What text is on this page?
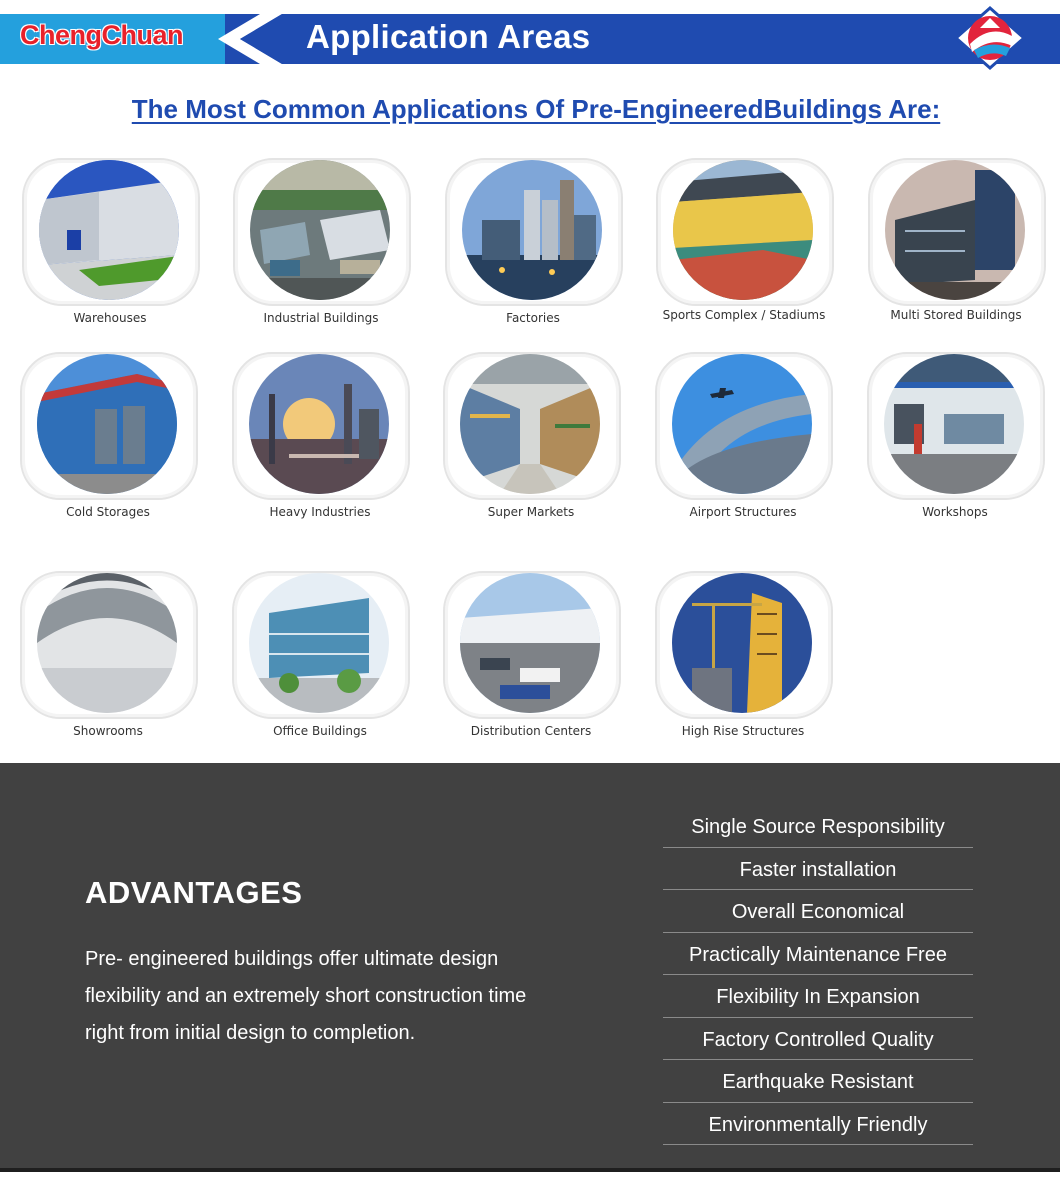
ChengChuan	Application Areas
The Most Common Applications Of Pre-EngineeredBuildings Are:
Warehouses	Industrial Buildings	Factories	Sports Complex / Stadiums	Multi Stored Buildings
Cold Storages	Heavy Industries	Super Markets	Airport Structures	Workshops
Showrooms	Office Buildings	Distribution Centers	High Rise Structures
ADVANTAGES
Pre- engineered buildings offer ultimate design flexibility and an extremely short construction time right from initial design to completion.
Single Source Responsibility
Faster installation
Overall Economical
Practically Maintenance Free
Flexibility In Expansion
Factory Controlled Quality
Earthquake Resistant
Environmentally Friendly
